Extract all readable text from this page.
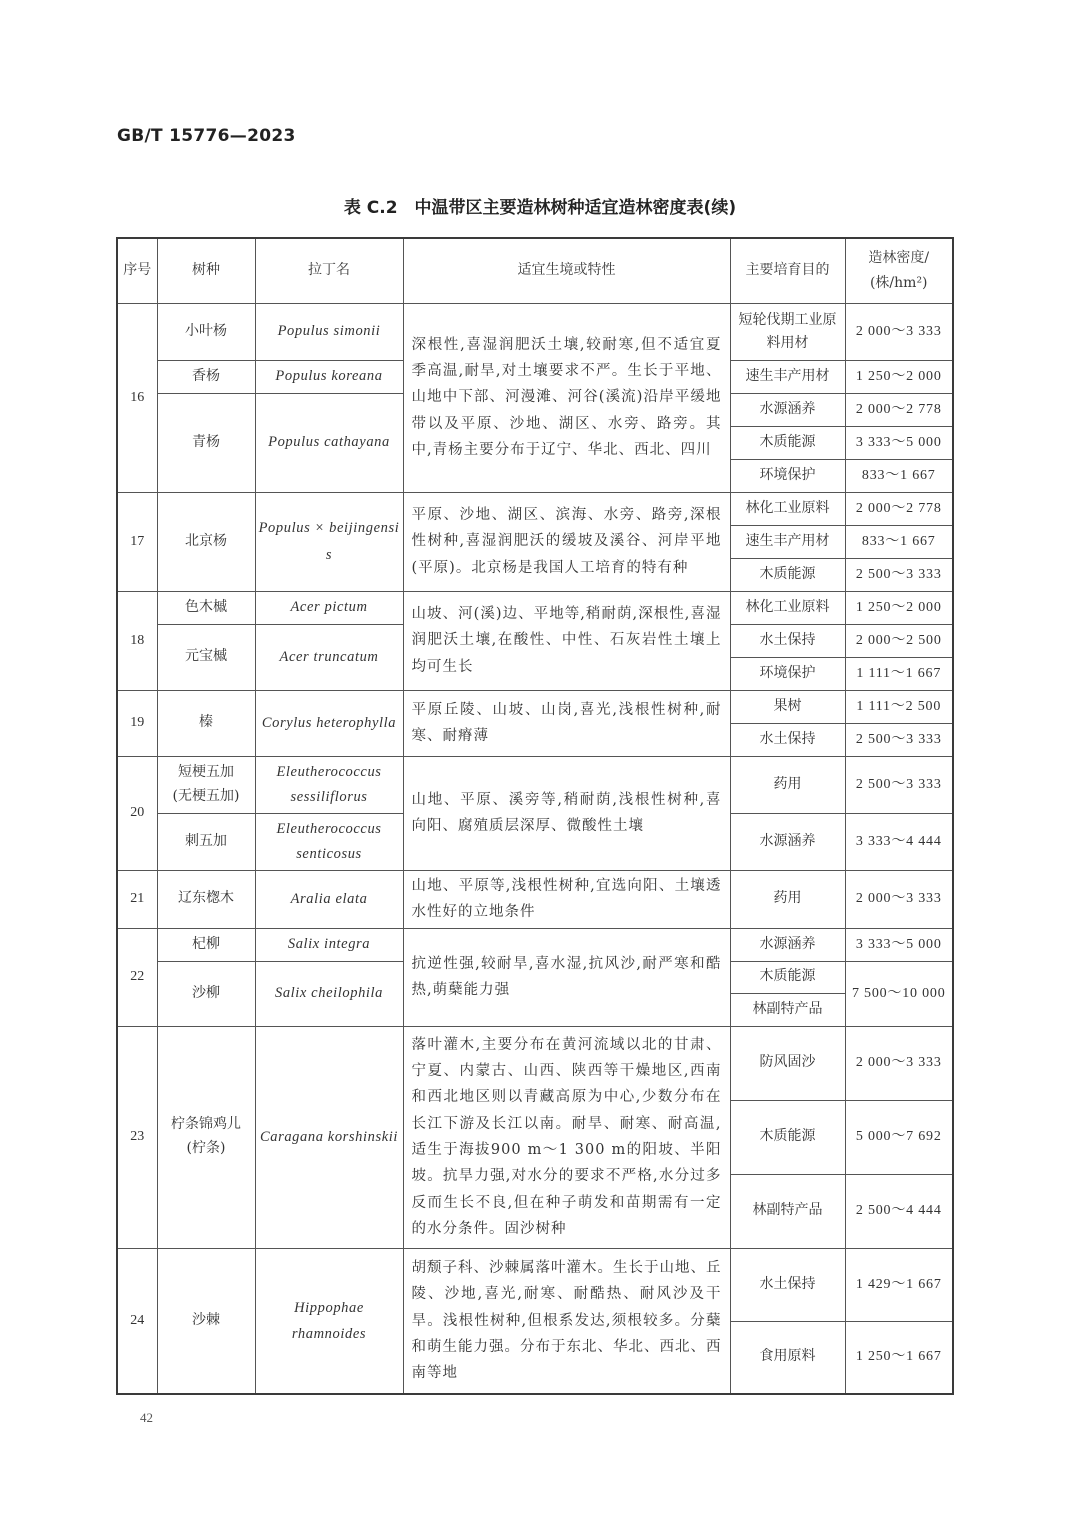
GB/T 15776—2023
表 C.2　中温带区主要造林树种适宜造林密度表(续)
序号	树种	拉丁名	适宜生境或特性	主要培育目的	造林密度/
(株/hm²)
16	小叶杨	Populus simonii	深根性,喜湿润肥沃土壤,较耐寒,但不适宜夏季高温,耐旱,对土壤要求不严。生长于平地、山地中下部、河漫滩、河谷(溪流)沿岸平缓地带以及平原、沙地、湖区、水旁、路旁。其中,青杨主要分布于辽宁、华北、西北、四川	短轮伐期工业原料用材	2 000～3 333
	香杨	Populus koreana		速生丰产用材	1 250～2 000
	青杨	Populus cathayana		水源涵养	2 000～2 778
				木质能源	3 333～5 000
				环境保护	833～1 667
17	北京杨	Populus × beijingensis	平原、沙地、湖区、滨海、水旁、路旁,深根性树种,喜湿润肥沃的缓坡及溪谷、河岸平地(平原)。北京杨是我国人工培育的特有种	林化工业原料	2 000～2 778
				速生丰产用材	833～1 667
				木质能源	2 500～3 333
18	色木槭	Acer pictum	山坡、河(溪)边、平地等,稍耐荫,深根性,喜湿润肥沃土壤,在酸性、中性、石灰岩性土壤上均可生长	林化工业原料	1 250～2 000
	元宝槭	Acer truncatum		水土保持	2 000～2 500
				环境保护	1 111～1 667
19	榛	Corylus heterophylla	平原丘陵、山坡、山岗,喜光,浅根性树种,耐寒、耐瘠薄	果树	1 111～2 500
				水土保持	2 500～3 333
20	短梗五加
(无梗五加)	Eleutherococcus sessiliflorus	山地、平原、溪旁等,稍耐荫,浅根性树种,喜向阳、腐殖质层深厚、微酸性土壤	药用	2 500～3 333
	刺五加	Eleutherococcus senticosus		水源涵养	3 333～4 444
21	辽东楤木	Aralia elata	山地、平原等,浅根性树种,宜选向阳、土壤透水性好的立地条件	药用	2 000～3 333
22	杞柳	Salix integra	抗逆性强,较耐旱,喜水湿,抗风沙,耐严寒和酷热,萌蘖能力强	水源涵养	3 333～5 000
	沙柳	Salix cheilophila		木质能源	7 500～10 000
				林副特产品	
23	柠条锦鸡儿
(柠条)	Caragana korshinskii	落叶灌木,主要分布在黄河流域以北的甘肃、宁夏、内蒙古、山西、陕西等干燥地区,西南和西北地区则以青藏高原为中心,少数分布在长江下游及长江以南。耐旱、耐寒、耐高温,适生于海拔900 m～1 300 m的阳坡、半阳坡。抗旱力强,对水分的要求不严格,水分过多反而生长不良,但在种子萌发和苗期需有一定的水分条件。固沙树种	防风固沙	2 000～3 333
				木质能源	5 000～7 692
				林副特产品	2 500～4 444
24	沙棘	Hippophae rhamnoides	胡颓子科、沙棘属落叶灌木。生长于山地、丘陵、沙地,喜光,耐寒、耐酷热、耐风沙及干旱。浅根性树种,但根系发达,须根较多。分蘖和萌生能力强。分布于东北、华北、西北、西南等地	水土保持	1 429～1 667
				食用原料	1 250～1 667
42
